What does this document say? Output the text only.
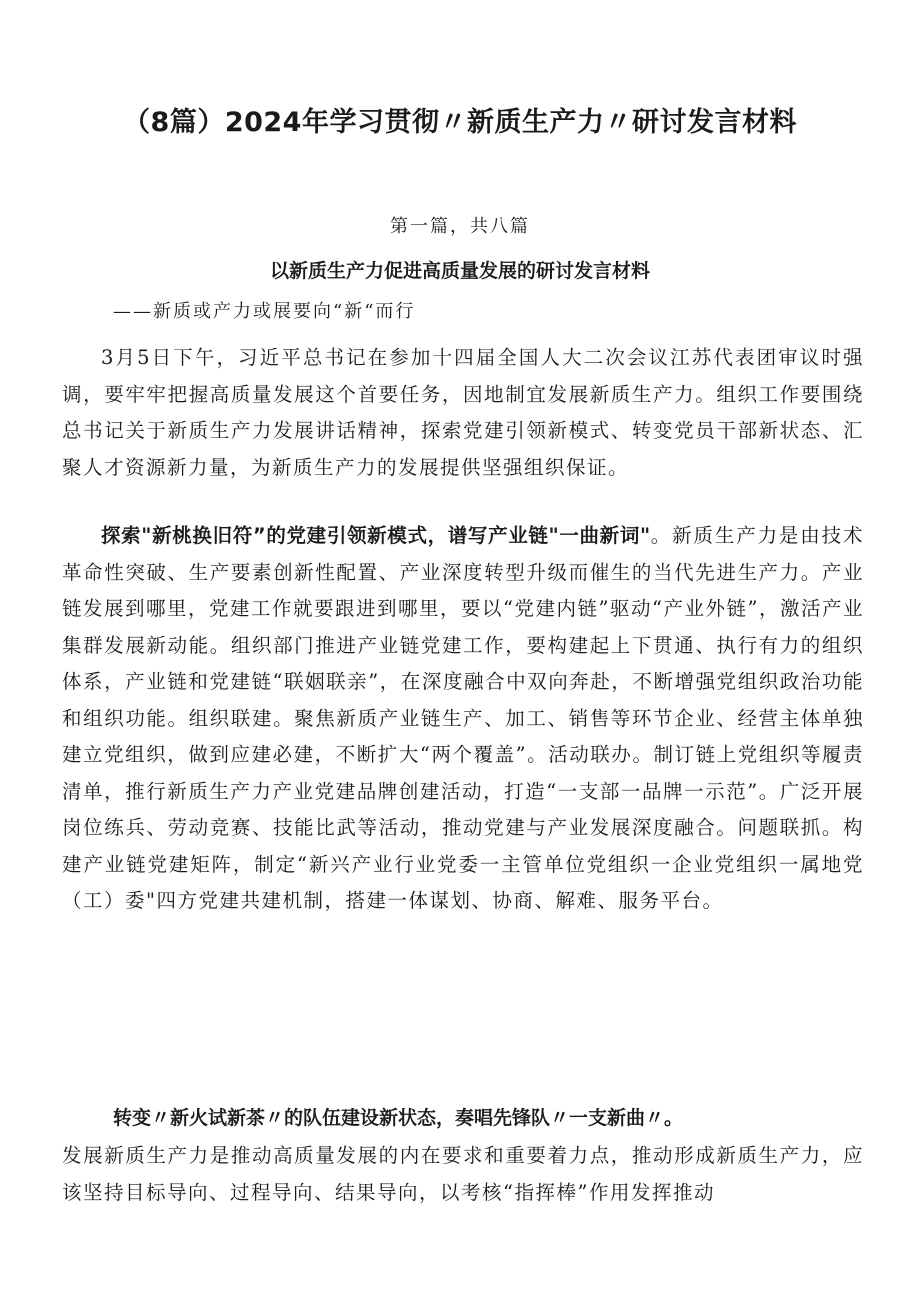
（8篇）2024年学习贯彻〃新质生产力〃研讨发言材料

第一篇，共八篇

以新质生产力促进高质量发展的研讨发言材料

——新质或产力或展要向“新“而行

3月5日下午，习近平总书记在参加十四届全国人大二次会议江苏代表团审议时强调，要牢牢把握高质量发展这个首要任务，因地制宜发展新质生产力。组织工作要围绕总书记关于新质生产力发展讲话精神，探索党建引领新模式、转变党员干部新状态、汇聚人才资源新力量，为新质生产力的发展提供坚强组织保证。

探索"新桃换旧符”的党建引领新模式，谱写产业链"一曲新词"。新质生产力是由技术革命性突破、生产要素创新性配置、产业深度转型升级而催生的当代先进生产力。产业链发展到哪里，党建工作就要跟进到哪里，要以“党建内链”驱动“产业外链”，激活产业集群发展新动能。组织部门推进产业链党建工作，要构建起上下贯通、执行有力的组织体系，产业链和党建链“联姻联亲”，在深度融合中双向奔赴，不断增强党组织政治功能和组织功能。组织联建。聚焦新质产业链生产、加工、销售等环节企业、经营主体单独建立党组织，做到应建必建，不断扩大“两个覆盖”。活动联办。制订链上党组织等履责清单，推行新质生产力产业党建品牌创建活动，打造“一支部一品牌一示范”。广泛开展岗位练兵、劳动竞赛、技能比武等活动，推动党建与产业发展深度融合。问题联抓。构建产业链党建矩阵，制定“新兴产业行业党委一主管单位党组织一企业党组织一属地党（工）委"四方党建共建机制，搭建一体谋划、协商、解难、服务平台。

转变〃新火试新茶〃的队伍建设新状态，奏唱先锋队〃一支新曲〃。

发展新质生产力是推动高质量发展的内在要求和重要着力点，推动形成新质生产力，应该坚持目标导向、过程导向、结果导向，以考核“指挥棒”作用发挥推动
